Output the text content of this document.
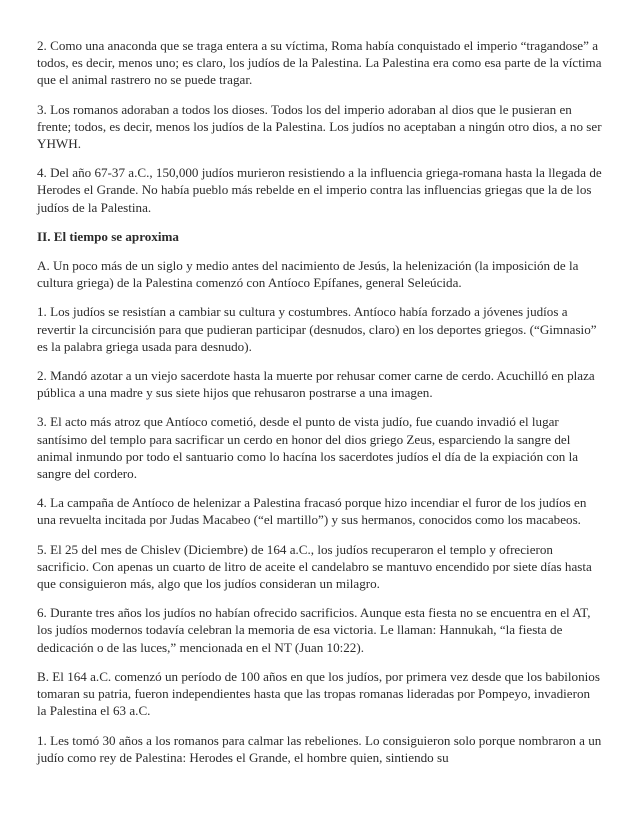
2. Como una anaconda que se traga entera a su víctima, Roma había conquistado el imperio “tragandose” a todos, es decir, menos uno; es claro, los judíos de la Palestina. La Palestina era como esa parte de la víctima que el animal rastrero no se puede tragar.

3. Los romanos adoraban a todos los dioses. Todos los del imperio adoraban al dios que le pusieran en frente; todos, es decir, menos los judíos de la Palestina. Los judíos no aceptaban a ningún otro dios, a no ser YHWH.

4. Del año 67-37 a.C., 150,000 judíos murieron resistiendo a la influencia griega-romana hasta la llegada de Herodes el Grande. No había pueblo más rebelde en el imperio contra las influencias griegas que la de los judíos de la Palestina.

II. El tiempo se aproxima

A. Un poco más de un siglo y medio antes del nacimiento de Jesús, la helenización (la imposición de la cultura griega) de la Palestina comenzó con Antíoco Epífanes, general Seleúcida.

1. Los judíos se resistían a cambiar su cultura y costumbres. Antíoco había forzado a jóvenes judíos a revertir la circuncisión para que pudieran participar (desnudos, claro) en los deportes griegos. (“Gimnasio” es la palabra griega usada para desnudo).

2. Mandó azotar a un viejo sacerdote hasta la muerte por rehusar comer carne de cerdo. Acuchilló en plaza pública a una madre y sus siete hijos que rehusaron postrarse a una imagen.

3. El acto más atroz que Antíoco cometió, desde el punto de vista judío, fue cuando invadió el lugar santísimo del templo para sacrificar un cerdo en honor del dios griego Zeus, esparciendo la sangre del animal inmundo por todo el santuario como lo hacína los sacerdotes judíos el día de la expiación con la sangre del cordero.

4. La campaña de Antíoco de helenizar a Palestina fracasó porque hizo incendiar el furor de los judíos en una revuelta incitada por Judas Macabeo (“el martillo”) y sus hermanos, conocidos como los macabeos.

5. El 25 del mes de Chislev (Diciembre) de 164 a.C., los judíos recuperaron el templo y ofrecieron sacrificio. Con apenas un cuarto de litro de aceite el candelabro se mantuvo encendido por siete días hasta que consiguieron más, algo que los judíos consideran un milagro.

6. Durante tres años los judíos no habían ofrecido sacrificios. Aunque esta fiesta no se encuentra en el AT, los judíos modernos todavía celebran la memoria de esa victoria. Le llaman: Hannukah, “la fiesta de dedicación o de las luces,” mencionada en el NT (Juan 10:22).

B. El 164 a.C. comenzó un período de 100 años en que los judíos, por primera vez desde que los babilonios tomaran su patria, fueron independientes hasta que las tropas romanas lideradas por Pompeyo, invadieron la Palestina el 63 a.C.

1. Les tomó 30 años a los romanos para calmar las rebeliones. Lo consiguieron solo porque nombraron a un judío como rey de Palestina: Herodes el Grande, el hombre quien, sintiendo su
